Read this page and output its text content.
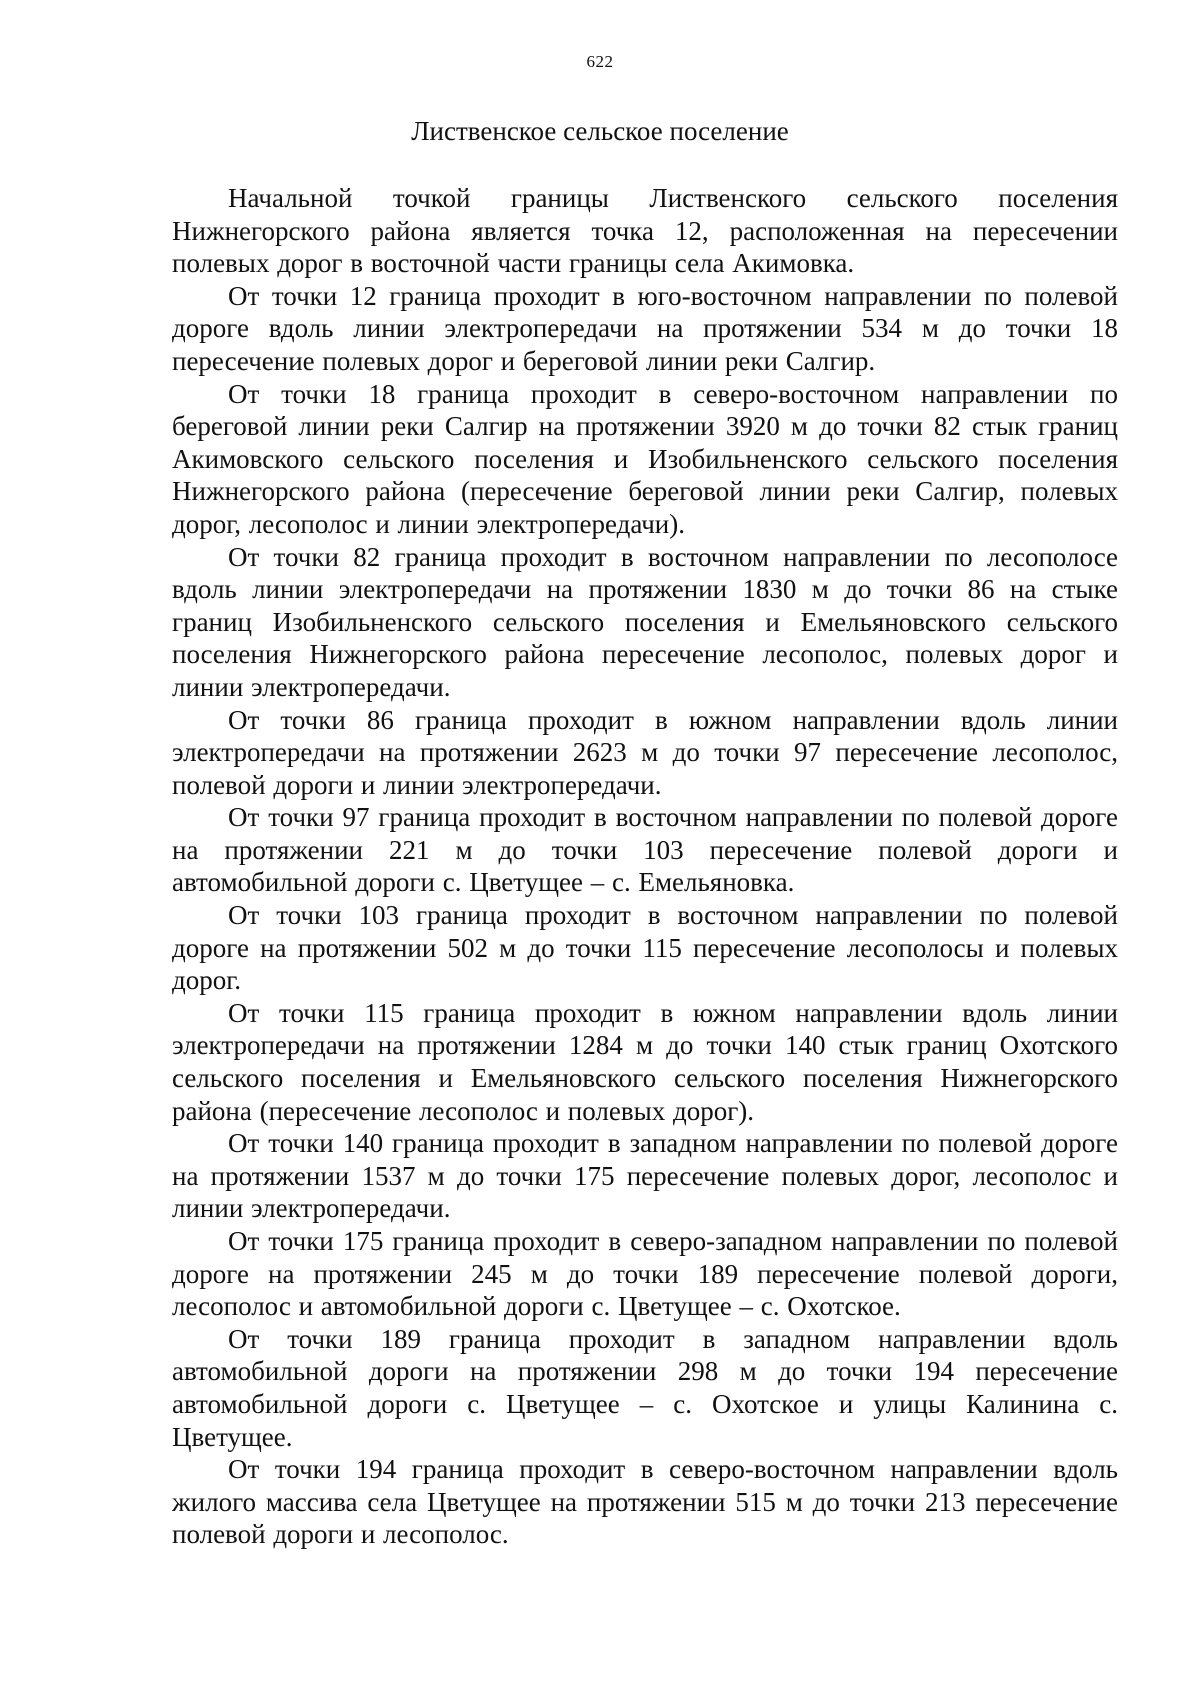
622
Лиственское сельское поселение

Начальной точкой границы Лиственского сельского поселения Нижнегорского района является точка 12, расположенная на пересечении полевых дорог в восточной части границы села Акимовка.

От точки 12 граница проходит в юго-восточном направлении по полевой дороге вдоль линии электропередачи на протяжении 534 м до точки 18 пересечение полевых дорог и береговой линии реки Салгир.

От точки 18 граница проходит в северо-восточном направлении по береговой линии реки Салгир на протяжении 3920 м до точки 82 стык границ Акимовского сельского поселения и Изобильненского сельского поселения Нижнегорского района (пересечение береговой линии реки Салгир, полевых дорог, лесополос и линии электропередачи).

От точки 82 граница проходит в восточном направлении по лесополосе вдоль линии электропередачи на протяжении 1830 м до точки 86 на стыке границ Изобильненского сельского поселения и Емельяновского сельского поселения Нижнегорского района пересечение лесополос, полевых дорог и линии электропередачи.

От точки 86 граница проходит в южном направлении вдоль линии электропередачи на протяжении 2623 м до точки 97 пересечение лесополос, полевой дороги и линии электропередачи.

От точки 97 граница проходит в восточном направлении по полевой дороге на протяжении 221 м до точки 103 пересечение полевой дороги и автомобильной дороги с. Цветущее – с. Емельяновка.

От точки 103 граница проходит в восточном направлении по полевой дороге на протяжении 502 м до точки 115 пересечение лесополосы и полевых дорог.

От точки 115 граница проходит в южном направлении вдоль линии электропередачи на протяжении 1284 м до точки 140 стык границ Охотского сельского поселения и Емельяновского сельского поселения Нижнегорского района (пересечение лесополос и полевых дорог).

От точки 140 граница проходит в западном направлении по полевой дороге на протяжении 1537 м до точки 175 пересечение полевых дорог, лесополос и линии электропередачи.

От точки 175 граница проходит в северо-западном направлении по полевой дороге на протяжении 245 м до точки 189 пересечение полевой дороги, лесополос и автомобильной дороги с. Цветущее – с. Охотское.

От точки 189 граница проходит в западном направлении вдоль автомобильной дороги на протяжении 298 м до точки 194 пересечение автомобильной дороги с. Цветущее – с. Охотское и улицы Калинина с. Цветущее.

От точки 194 граница проходит в северо-восточном направлении вдоль жилого массива села Цветущее на протяжении 515 м до точки 213 пересечение полевой дороги и лесополос.
